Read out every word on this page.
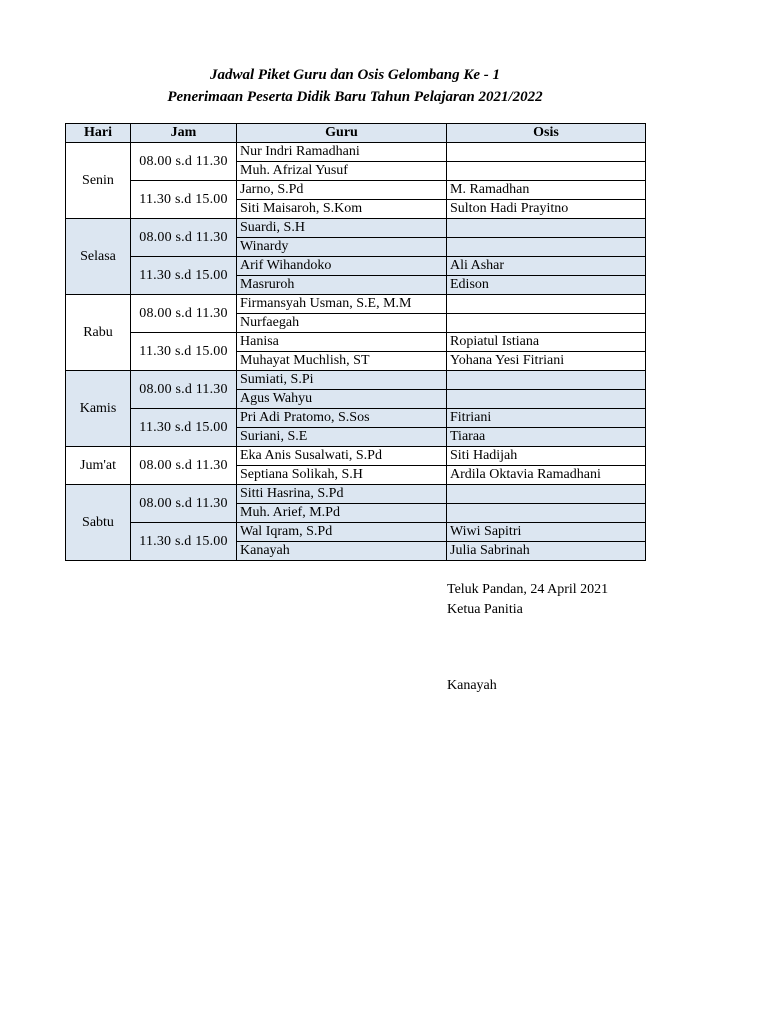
Jadwal Piket Guru dan Osis Gelombang Ke - 1
Penerimaan Peserta Didik Baru Tahun Pelajaran 2021/2022
Hari	Jam	Guru	Osis
Senin	08.00 s.d 11.30	Nur Indri Ramadhani	
		Muh. Afrizal Yusuf	
	11.30 s.d 15.00	Jarno, S.Pd	M. Ramadhan
		Siti Maisaroh, S.Kom	Sulton Hadi Prayitno
Selasa	08.00 s.d 11.30	Suardi, S.H	
		Winardy	
	11.30 s.d 15.00	Arif Wihandoko	Ali Ashar
		Masruroh	Edison
Rabu	08.00 s.d 11.30	Firmansyah Usman, S.E, M.M	
		Nurfaegah	
	11.30 s.d 15.00	Hanisa	Ropiatul Istiana
		Muhayat Muchlish, ST	Yohana Yesi Fitriani
Kamis	08.00 s.d 11.30	Sumiati, S.Pi	
		Agus Wahyu	
	11.30 s.d 15.00	Pri Adi Pratomo, S.Sos	Fitriani
		Suriani, S.E	Tiaraa
Jum'at	08.00 s.d 11.30	Eka Anis Susalwati, S.Pd	Siti Hadijah
		Septiana Solikah, S.H	Ardila Oktavia Ramadhani
Sabtu	08.00 s.d 11.30	Sitti Hasrina, S.Pd	
		Muh. Arief, M.Pd	
	11.30 s.d 15.00	Wal Iqram, S.Pd	Wiwi Sapitri
		Kanayah	Julia Sabrinah
Teluk Pandan, 24 April 2021
Ketua Panitia
Kanayah
